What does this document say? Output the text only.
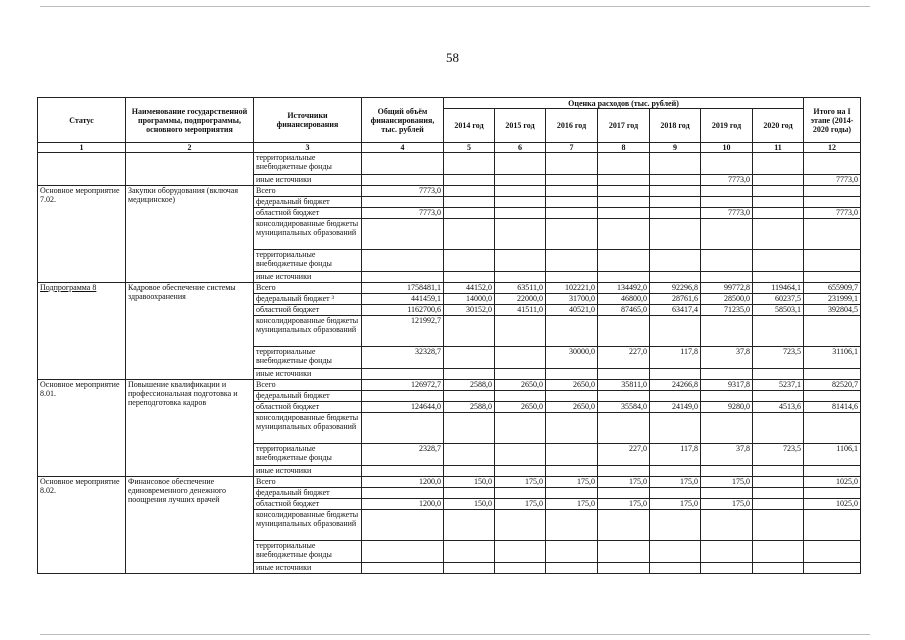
58
Статус	Наименование государственной программы, подпрограммы, основного мероприятия	Источники финансирования	Общий объём финансирования, тыс. рублей	Оценка расходов (тыс. рублей)							Итого на I этапе (2014-2020 годы)
				2014 год	2015 год	2016 год	2017 год	2018 год	2019 год	2020 год	
1	2	3	4	5	6	7	8	9	10	11	12
		территориальные внебюджетные фонды									
		иные источники							7773,0		7773,0
Основное мероприятие 7.02.	Закупки оборудования (включая медицинское)	Всего	7773,0								
		федеральный бюджет									
		областной бюджет	7773,0						7773,0		7773,0
		консолидированные бюджеты муниципальных образований									
		территориальные внебюджетные фонды									
		иные источники									
Подпрограмма 8	Кадровое обеспечение системы здравоохранения	Всего	1758481,1	44152,0	63511,0	102221,0	134492,0	92296,8	99772,8	119464,1	655909,7
		федеральный бюджет ³	441459,1	14000,0	22000,0	31700,0	46800,0	28761,6	28500,0	60237,5	231999,1
		областной бюджет	1162700,6	30152,0	41511,0	40521,0	87465,0	63417,4	71235,0	58503,1	392804,5
		консолидированные бюджеты муниципальных образований	121992,7								
		территориальные внебюджетные фонды	32328,7			30000,0	227,0	117,8	37,8	723,5	31106,1
		иные источники									
Основное мероприятие 8.01.	Повышение квалификации и профессиональная подготовка и переподготовка кадров	Всего	126972,7	2588,0	2650,0	2650,0	35811,0	24266,8	9317,8	5237,1	82520,7
		федеральный бюджет									
		областной бюджет	124644,0	2588,0	2650,0	2650,0	35584,0	24149,0	9280,0	4513,6	81414,6
		консолидированные бюджеты муниципальных образований									
		территориальные внебюджетные фонды	2328,7				227,0	117,8	37,8	723,5	1106,1
		иные источники									
Основное мероприятие 8.02.	Финансовое обеспечение единовременного денежного поощрения лучших врачей	Всего	1200,0	150,0	175,0	175,0	175,0	175,0	175,0		1025,0
		федеральный бюджет									
		областной бюджет	1200,0	150,0	175,0	175,0	175,0	175,0	175,0		1025,0
		консолидированные бюджеты муниципальных образований									
		территориальные внебюджетные фонды									
		иные источники									
